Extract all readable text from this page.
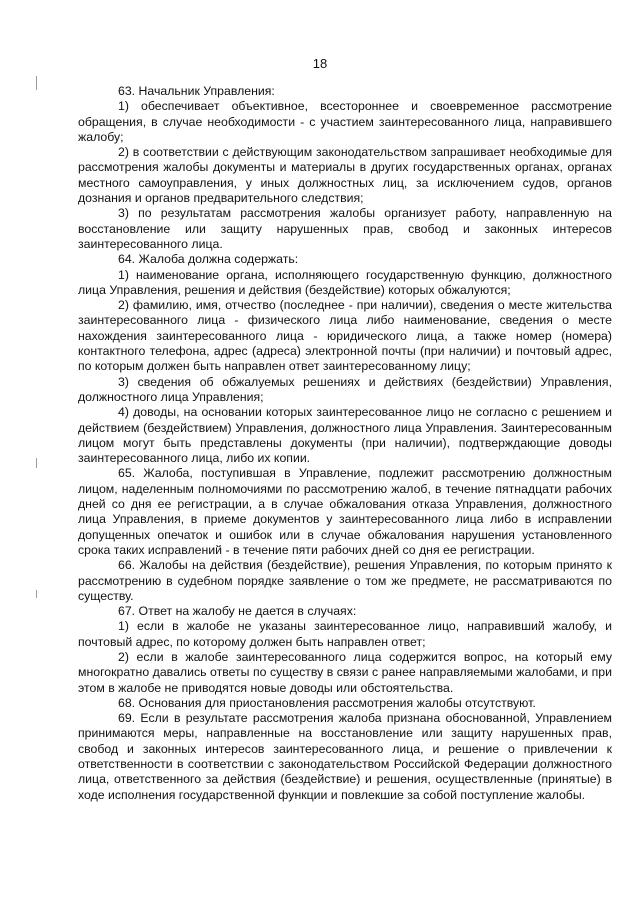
18

63. Начальник Управления:

1) обеспечивает объективное, всестороннее и своевременное рассмотрение обращения, в случае необходимости - с участием заинтересованного лица, направившего жалобу;

2) в соответствии с действующим законодательством запрашивает необходимые для рассмотрения жалобы документы и материалы в других государственных органах, органах местного самоуправления, у иных должностных лиц, за исключением судов, органов дознания и органов предварительного следствия;

3) по результатам рассмотрения жалобы организует работу, направленную на восстановление или защиту нарушенных прав, свобод и законных интересов заинтересованного лица.

64. Жалоба должна содержать:

1) наименование органа, исполняющего государственную функцию, должностного лица Управления, решения и действия (бездействие) которых обжалуются;

2) фамилию, имя, отчество (последнее - при наличии), сведения о месте жительства заинтересованного лица - физического лица либо наименование, сведения о месте нахождения заинтересованного лица - юридического лица, а также номер (номера) контактного телефона, адрес (адреса) электронной почты (при наличии) и почтовый адрес, по которым должен быть направлен ответ заинтересованному лицу;

3) сведения об обжалуемых решениях и действиях (бездействии) Управления, должностного лица Управления;

4) доводы, на основании которых заинтересованное лицо не согласно с решением и действием (бездействием) Управления, должностного лица Управления. Заинтересованным лицом могут быть представлены документы (при наличии), подтверждающие доводы заинтересованного лица, либо их копии.

65. Жалоба, поступившая в Управление, подлежит рассмотрению должностным лицом, наделенным полномочиями по рассмотрению жалоб, в течение пятнадцати рабочих дней со дня ее регистрации, а в случае обжалования отказа Управления, должностного лица Управления, в приеме документов у заинтересованного лица либо в исправлении допущенных опечаток и ошибок или в случае обжалования нарушения установленного срока таких исправлений - в течение пяти рабочих дней со дня ее регистрации.

66. Жалобы на действия (бездействие), решения Управления, по которым принято к рассмотрению в судебном порядке заявление о том же предмете, не рассматриваются по существу.

67. Ответ на жалобу не дается в случаях:

1) если в жалобе не указаны заинтересованное лицо, направивший жалобу, и почтовый адрес, по которому должен быть направлен ответ;

2) если в жалобе заинтересованного лица содержится вопрос, на который ему многократно давались ответы по существу в связи с ранее направляемыми жалобами, и при этом в жалобе не приводятся новые доводы или обстоятельства.

68. Основания для приостановления рассмотрения жалобы отсутствуют.

69. Если в результате рассмотрения жалоба признана обоснованной, Управлением принимаются меры, направленные на восстановление или защиту нарушенных прав, свобод и законных интересов заинтересованного лица, и решение о привлечении к ответственности в соответствии с законодательством Российской Федерации должностного лица, ответственного за действия (бездействие) и решения, осуществленные (принятые) в ходе исполнения государственной функции и повлекшие за собой поступление жалобы.
